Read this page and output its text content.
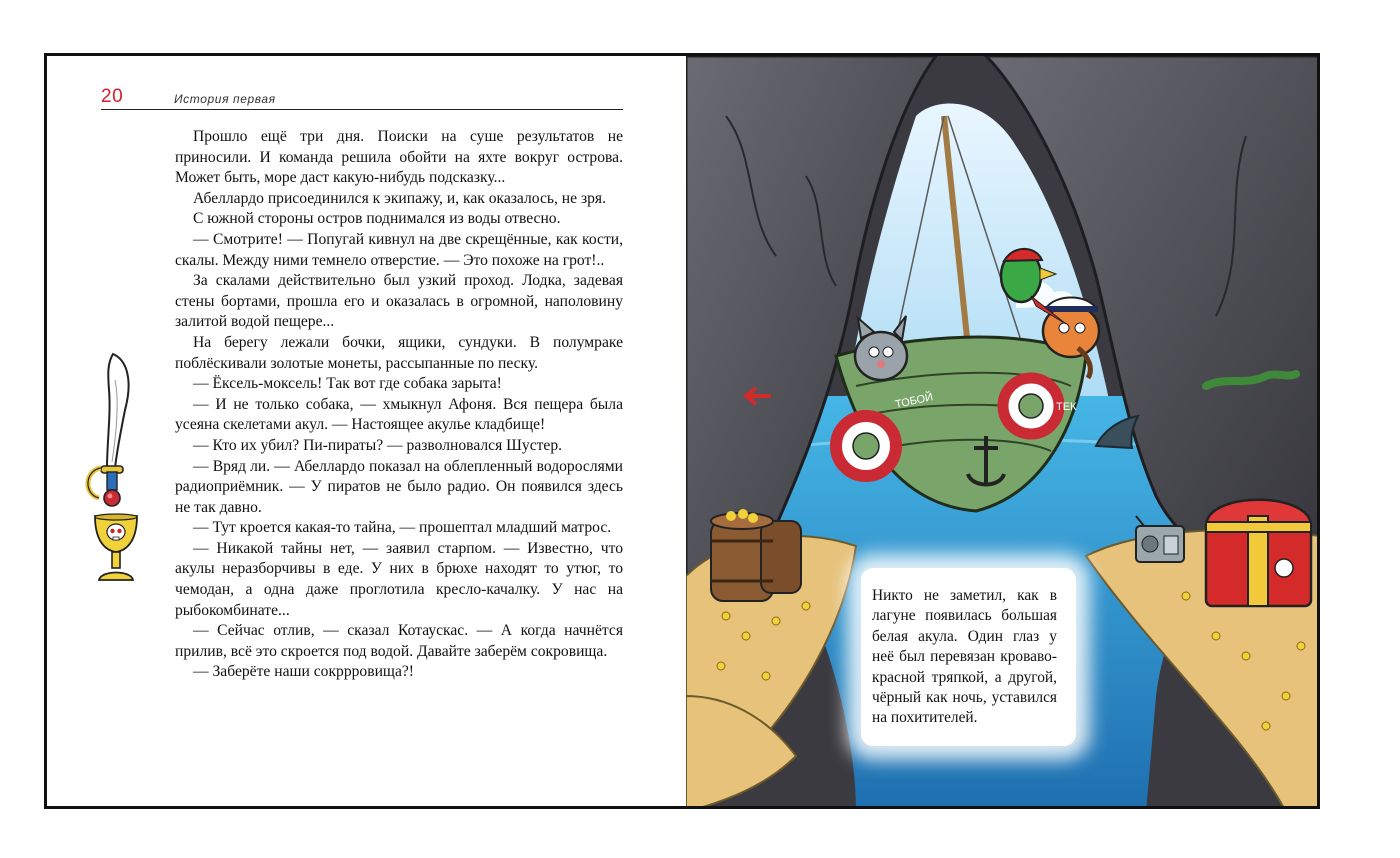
20	История первая

Прошло ещё три дня. Поиски на суше результатов не приносили. И команда решила обойти на яхте вокруг острова. Может быть, море даст какую-нибудь подсказку...

Абеллардо присоединился к экипажу, и, как оказалось, не зря.

С южной стороны остров поднимался из воды отвесно.

— Смотрите! — Попугай кивнул на две скрещённые, как кости, скалы. Между ними темнело отверстие. — Это похоже на грот!..

За скалами действительно был узкий проход. Лодка, задевая стены бортами, прошла его и оказалась в огромной, наполовину залитой водой пещере...

На берегу лежали бочки, ящики, сундуки. В полумраке поблёскивали золотые монеты, рассыпанные по песку.

— Ёксель-моксель! Так вот где собака зарыта!

— И не только собака, — хмыкнул Афоня. Вся пещера была усеяна скелетами акул. — Настоящее акулье кладбище!

— Кто их убил? Пи-пираты? — разволновался Шустер.

— Вряд ли. — Абеллардо показал на облепленный водорослями радиоприёмник. — У пиратов не было радио. Он появился здесь не так давно.

— Тут кроется какая-то тайна, — прошептал младший матрос.

— Никакой тайны нет, — заявил старпом. — Известно, что акулы неразборчивы в еде. У них в брюхе находят то утюг, то чемодан, а одна даже проглотила кресло-качалку. У нас на рыбокомбинате...

— Сейчас отлив, — сказал Котаускас. — А когда начнётся прилив, всё это скроется под водой. Давайте заберём сокровища.

— Заберёте наши сокррровища?!

ТОБОЙ	ТЕК
Никто не заметил, как в лагуне появилась большая белая акула. Один глаз у неё был перевязан кроваво-красной тряпкой, а другой, чёрный как ночь, уставился на похитителей.
